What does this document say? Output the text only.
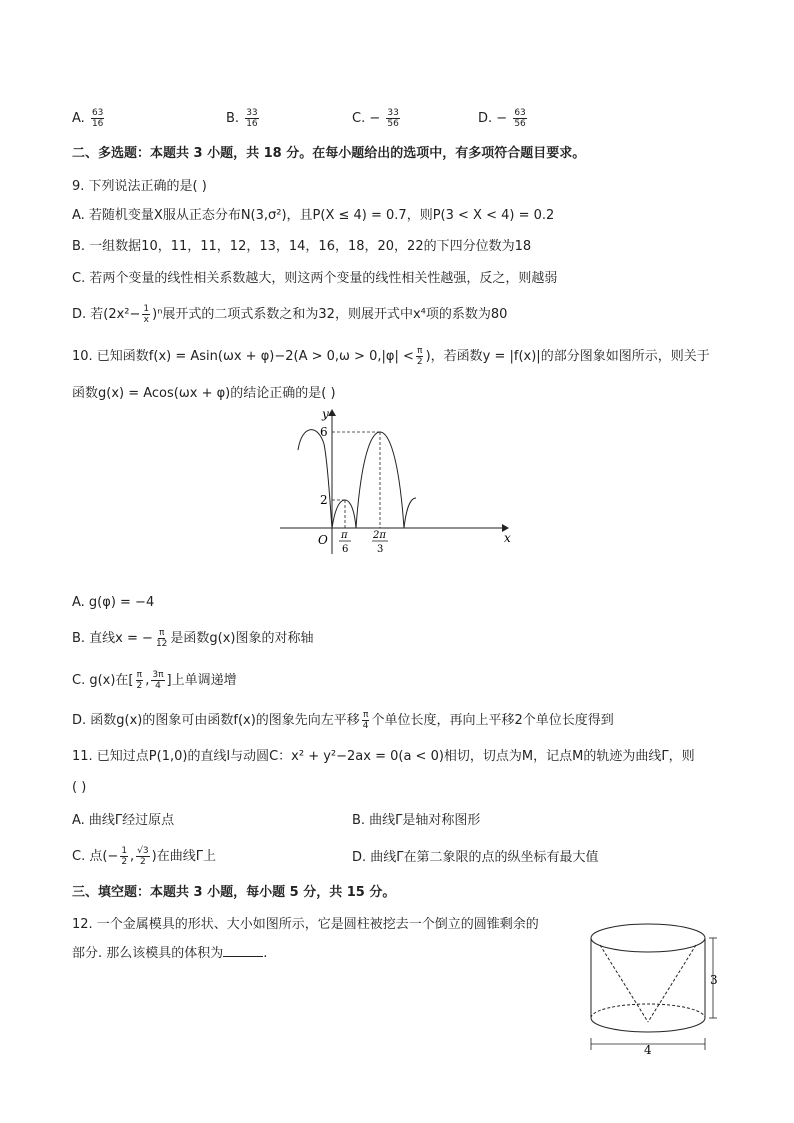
A. $\frac{63}{16}$	B. $\frac{33}{16}$	C. − $\frac{33}{56}$	D. − $\frac{63}{56}$
二、多选题：本题共 3 小题，共 18 分。在每小题给出的选项中，有多项符合题目要求。
9. 下列说法正确的是( )
A. 若随机变量X服从正态分布N(3,σ²)，且P(X ≤ 4) = 0.7，则P(3 < X < 4) = 0.2
B. 一组数据10，11，11，12，13，14，16，18，20，22的下四分位数为18
C. 若两个变量的线性相关系数越大，则这两个变量的线性相关性越强，反之，则越弱
D. 若$(2x^2- \frac{1}{x} )^n$展开式的二项式系数之和为32，则展开式中x⁴项的系数为80
10. 已知函数$f(x) = Asin(\omega x + \varphi)-2(A > 0,\omega > 0,|\varphi| < \frac{\pi}{2}$ )，若函数y = |f(x)|的部分图象如图所示，则关于
函数g(x) = Acos(ωx + φ)的结论正确的是( )
y
x
O
6
2
π
6
2π
3
A. g(φ) = −4
B. 直线x = − $\frac{\pi}{12}$ 是函数g(x)图象的对称轴
C. g(x)在[ $\frac{\pi}{2}$ , $\frac{3\pi}{4}$ ]上单调递增
D. 函数g(x)的图象可由函数f(x)的图象先向左平移 $\frac{\pi}{4}$ 个单位长度，再向上平移2个单位长度得到
11. 已知过点P(1,0)的直线l与动圆C：x² + y²−2ax = 0(a < 0)相切，切点为M，记点M的轨迹为曲线Γ，则
( )
A. 曲线Γ经过原点	B. 曲线Γ是轴对称图形
C. 点(− $\frac{1}{2}$ , $\frac{√3}{2}$ )在曲线Γ上	D. 曲线Γ在第二象限的点的纵坐标有最大值
三、填空题：本题共 3 小题，每小题 5 分，共 15 分。
12. 一个金属模具的形状、大小如图所示，它是圆柱被挖去一个倒立的圆锥剩余的
部分. 那么该模具的体积为	.
3
4
